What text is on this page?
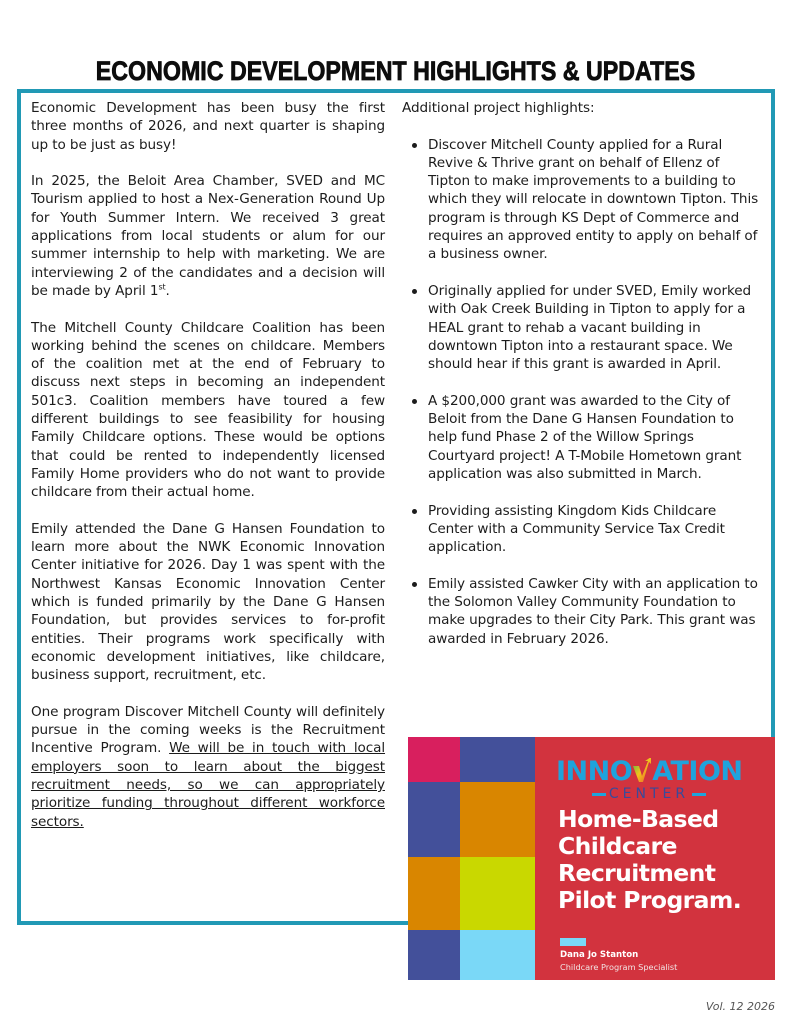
ECONOMIC DEVELOPMENT HIGHLIGHTS & UPDATES

Economic Development has been busy the first three months of 2026, and next quarter is shaping up to be just as busy!

In 2025, the Beloit Area Chamber, SVED and MC Tourism applied to host a Nex-Generation Round Up for Youth Summer Intern. We received 3 great applications from local students or alum for our summer internship to help with marketing. We are interviewing 2 of the candidates and a decision will be made by April 1st.

The Mitchell County Childcare Coalition has been working behind the scenes on childcare. Members of the coalition met at the end of February to discuss next steps in becoming an independent 501c3. Coalition members have toured a few different buildings to see feasibility for housing Family Childcare options. These would be options that could be rented to independently licensed Family Home providers who do not want to provide childcare from their actual home.

Emily attended the Dane G Hansen Foundation to learn more about the NWK Economic Innovation Center initiative for 2026. Day 1 was spent with the Northwest Kansas Economic Innovation Center which is funded primarily by the Dane G Hansen Foundation, but provides services to for-profit entities. Their programs work specifically with economic development initiatives, like childcare, business support, recruitment, etc.

One program Discover Mitchell County will definitely pursue in the coming weeks is the Recruitment Incentive Program. We will be in touch with local employers soon to learn about the biggest recruitment needs, so we can appropriately prioritize funding throughout different workforce sectors.

Additional project highlights:
Discover Mitchell County applied for a Rural Revive & Thrive grant on behalf of Ellenz of Tipton to make improvements to a building to which they will relocate in downtown Tipton. This program is through KS Dept of Commerce and requires an approved entity to apply on behalf of a business owner.
Originally applied for under SVED, Emily worked with Oak Creek Building in Tipton to apply for a HEAL grant to rehab a vacant building in downtown Tipton into a restaurant space. We should hear if this grant is awarded in April.
A $200,000 grant was awarded to the City of Beloit from the Dane G Hansen Foundation to help fund Phase 2 of the Willow Springs Courtyard project! A T-Mobile Hometown grant application was also submitted in March.
Providing assisting Kingdom Kids Childcare Center with a Community Service Tax Credit application.
Emily assisted Cawker City with an application to the Solomon Valley Community Foundation to make upgrades to their City Park. This grant was awarded in February 2026.
INNO ATION
CENTER
Home-Based
Childcare
Recruitment
Pilot Program.
Dana Jo Stanton
Childcare Program Specialist
Vol. 12 2026
